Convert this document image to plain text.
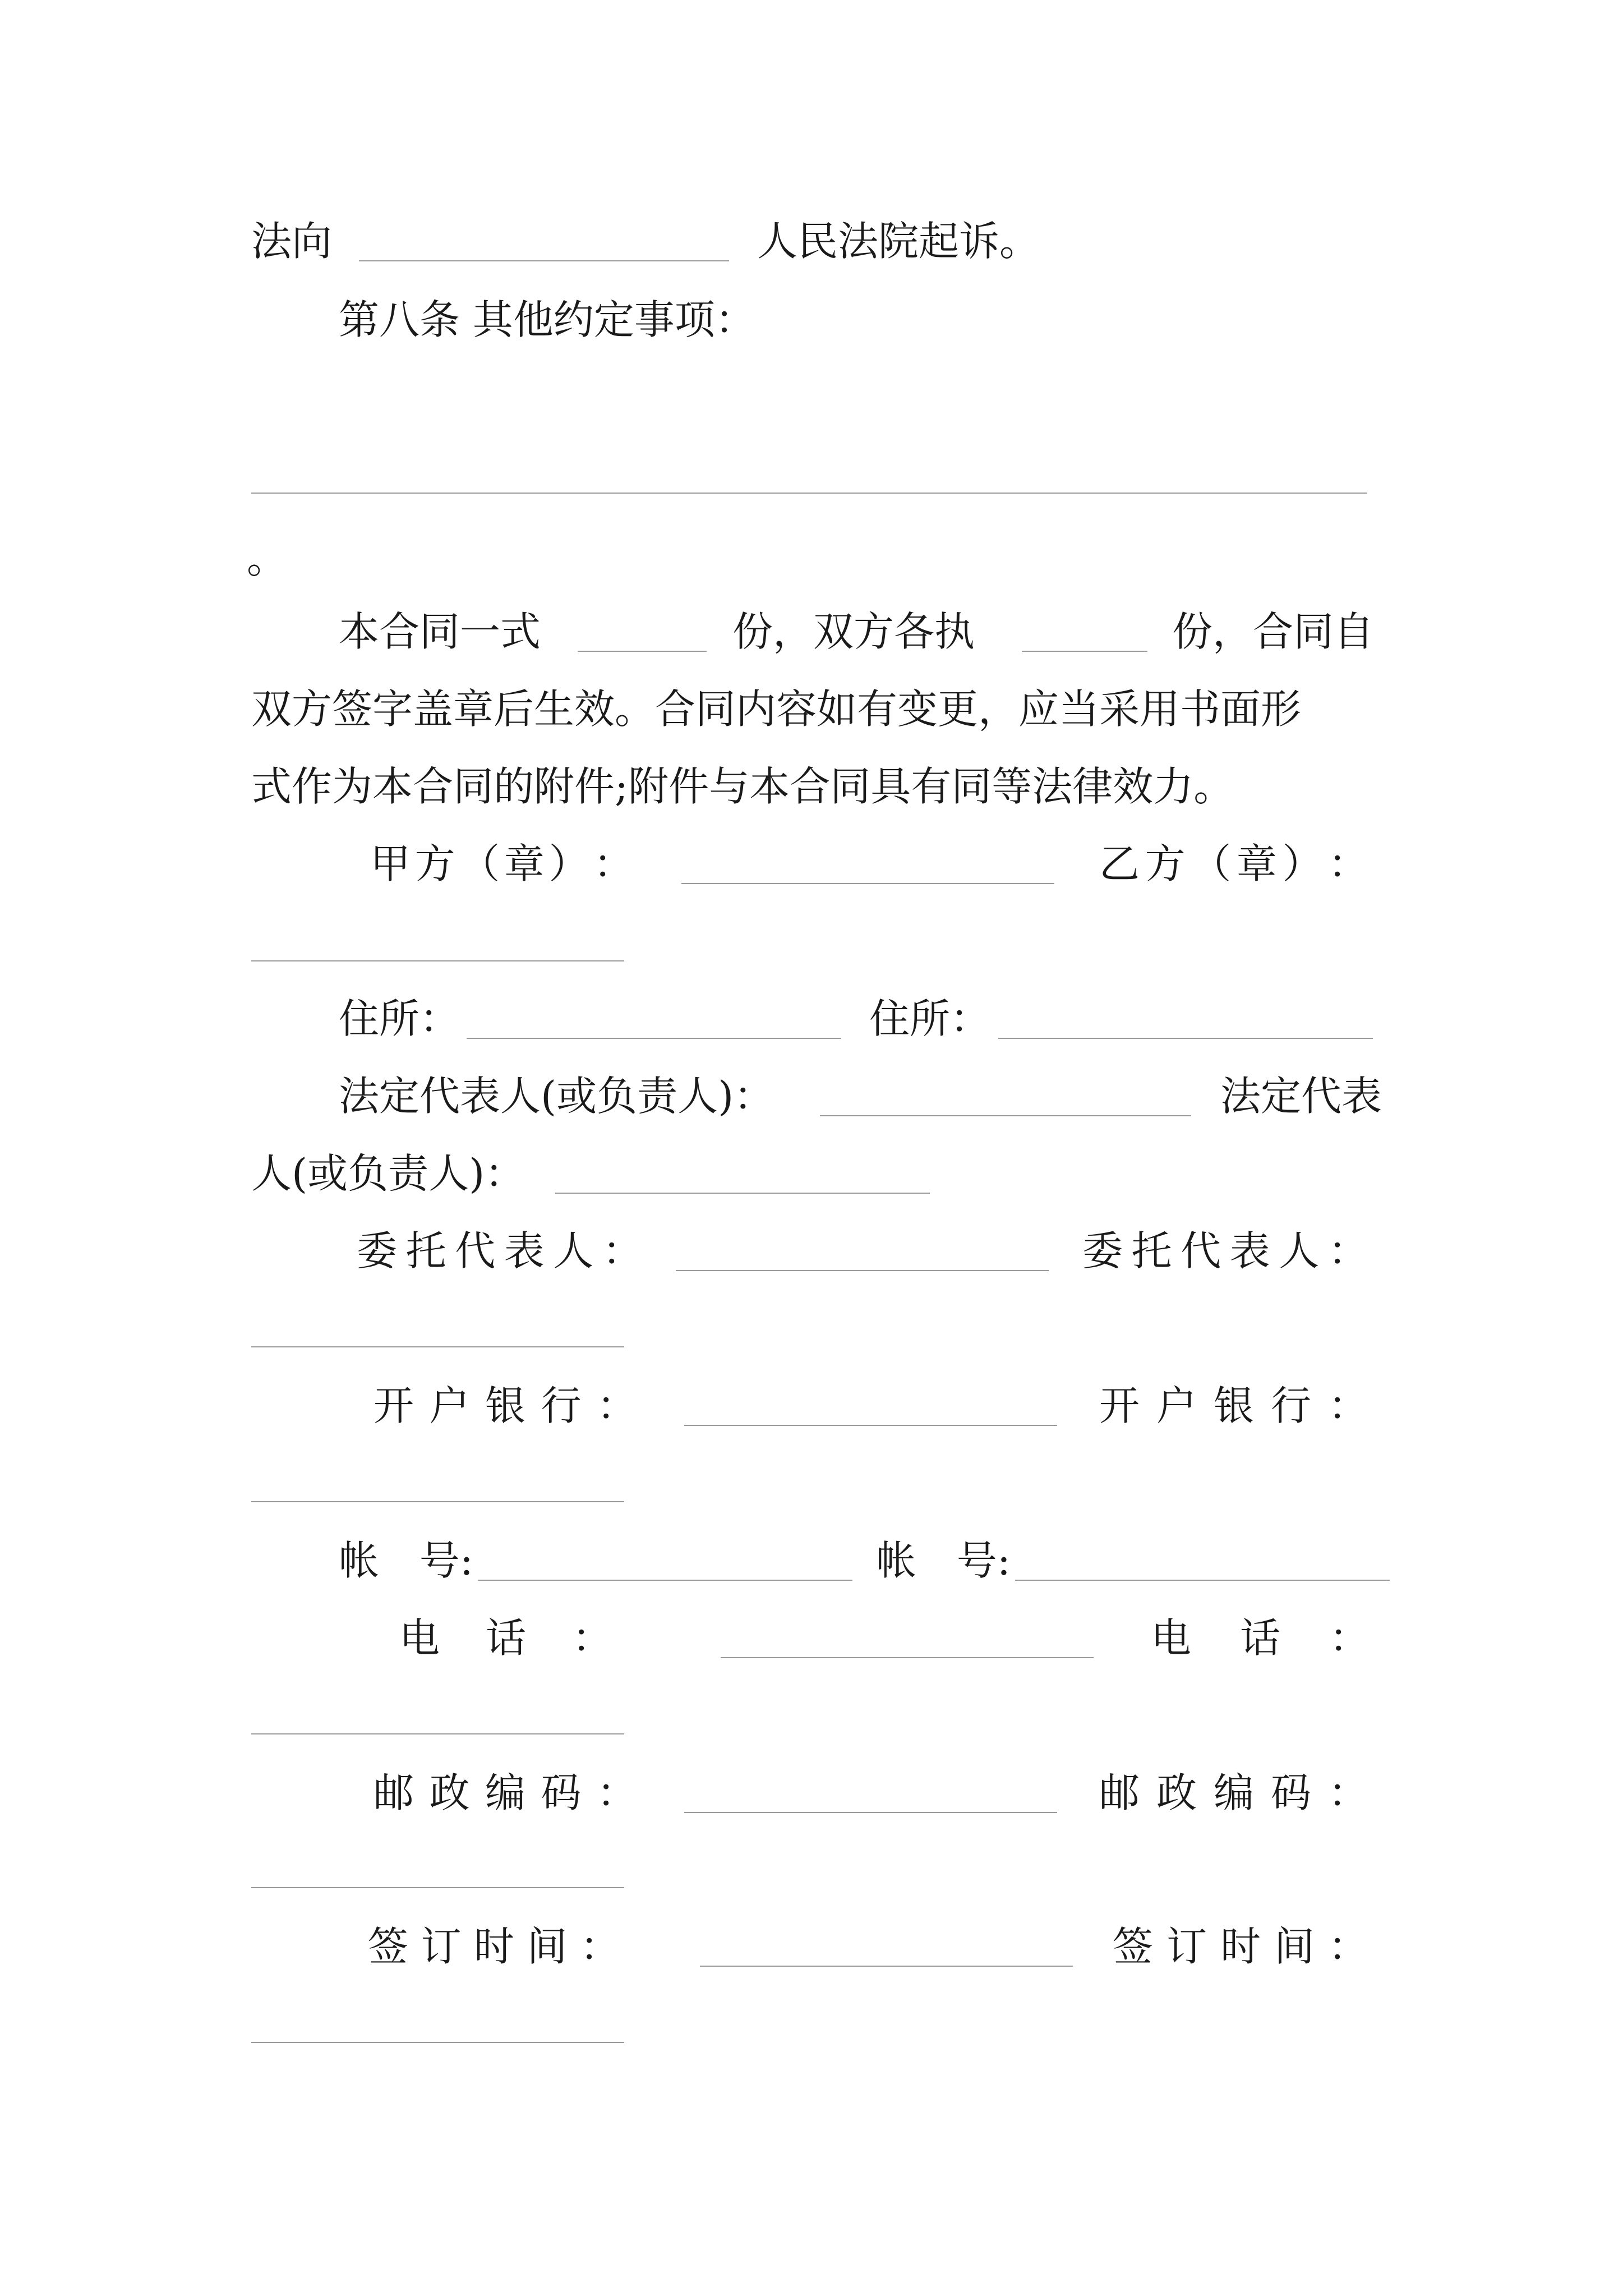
法向	人民法院起诉。
第八条 其他约定事项：
。
本合同一式	份，双方各执	份，合同自
双方签字盖章后生效。合同内容如有变更，应当采用书面形
式作为本合同的附件;附件与本合同具有同等法律效力。
甲 方 （ 章 ） ：	乙 方 （ 章 ） ：
住所：	住所：
法定代表人(或负责人)：	法定代表
人(或负责人)：
委 托 代 表 人 ：	委 托 代 表 人 ：
开 户 银 行 ：	开 户 银 行 ：
帐 号:	帐 号:
电 话 ：	电 话 ：
邮 政 编 码 ：	邮 政 编 码 ：
签 订 时 间 ：	签 订 时 间 ：
